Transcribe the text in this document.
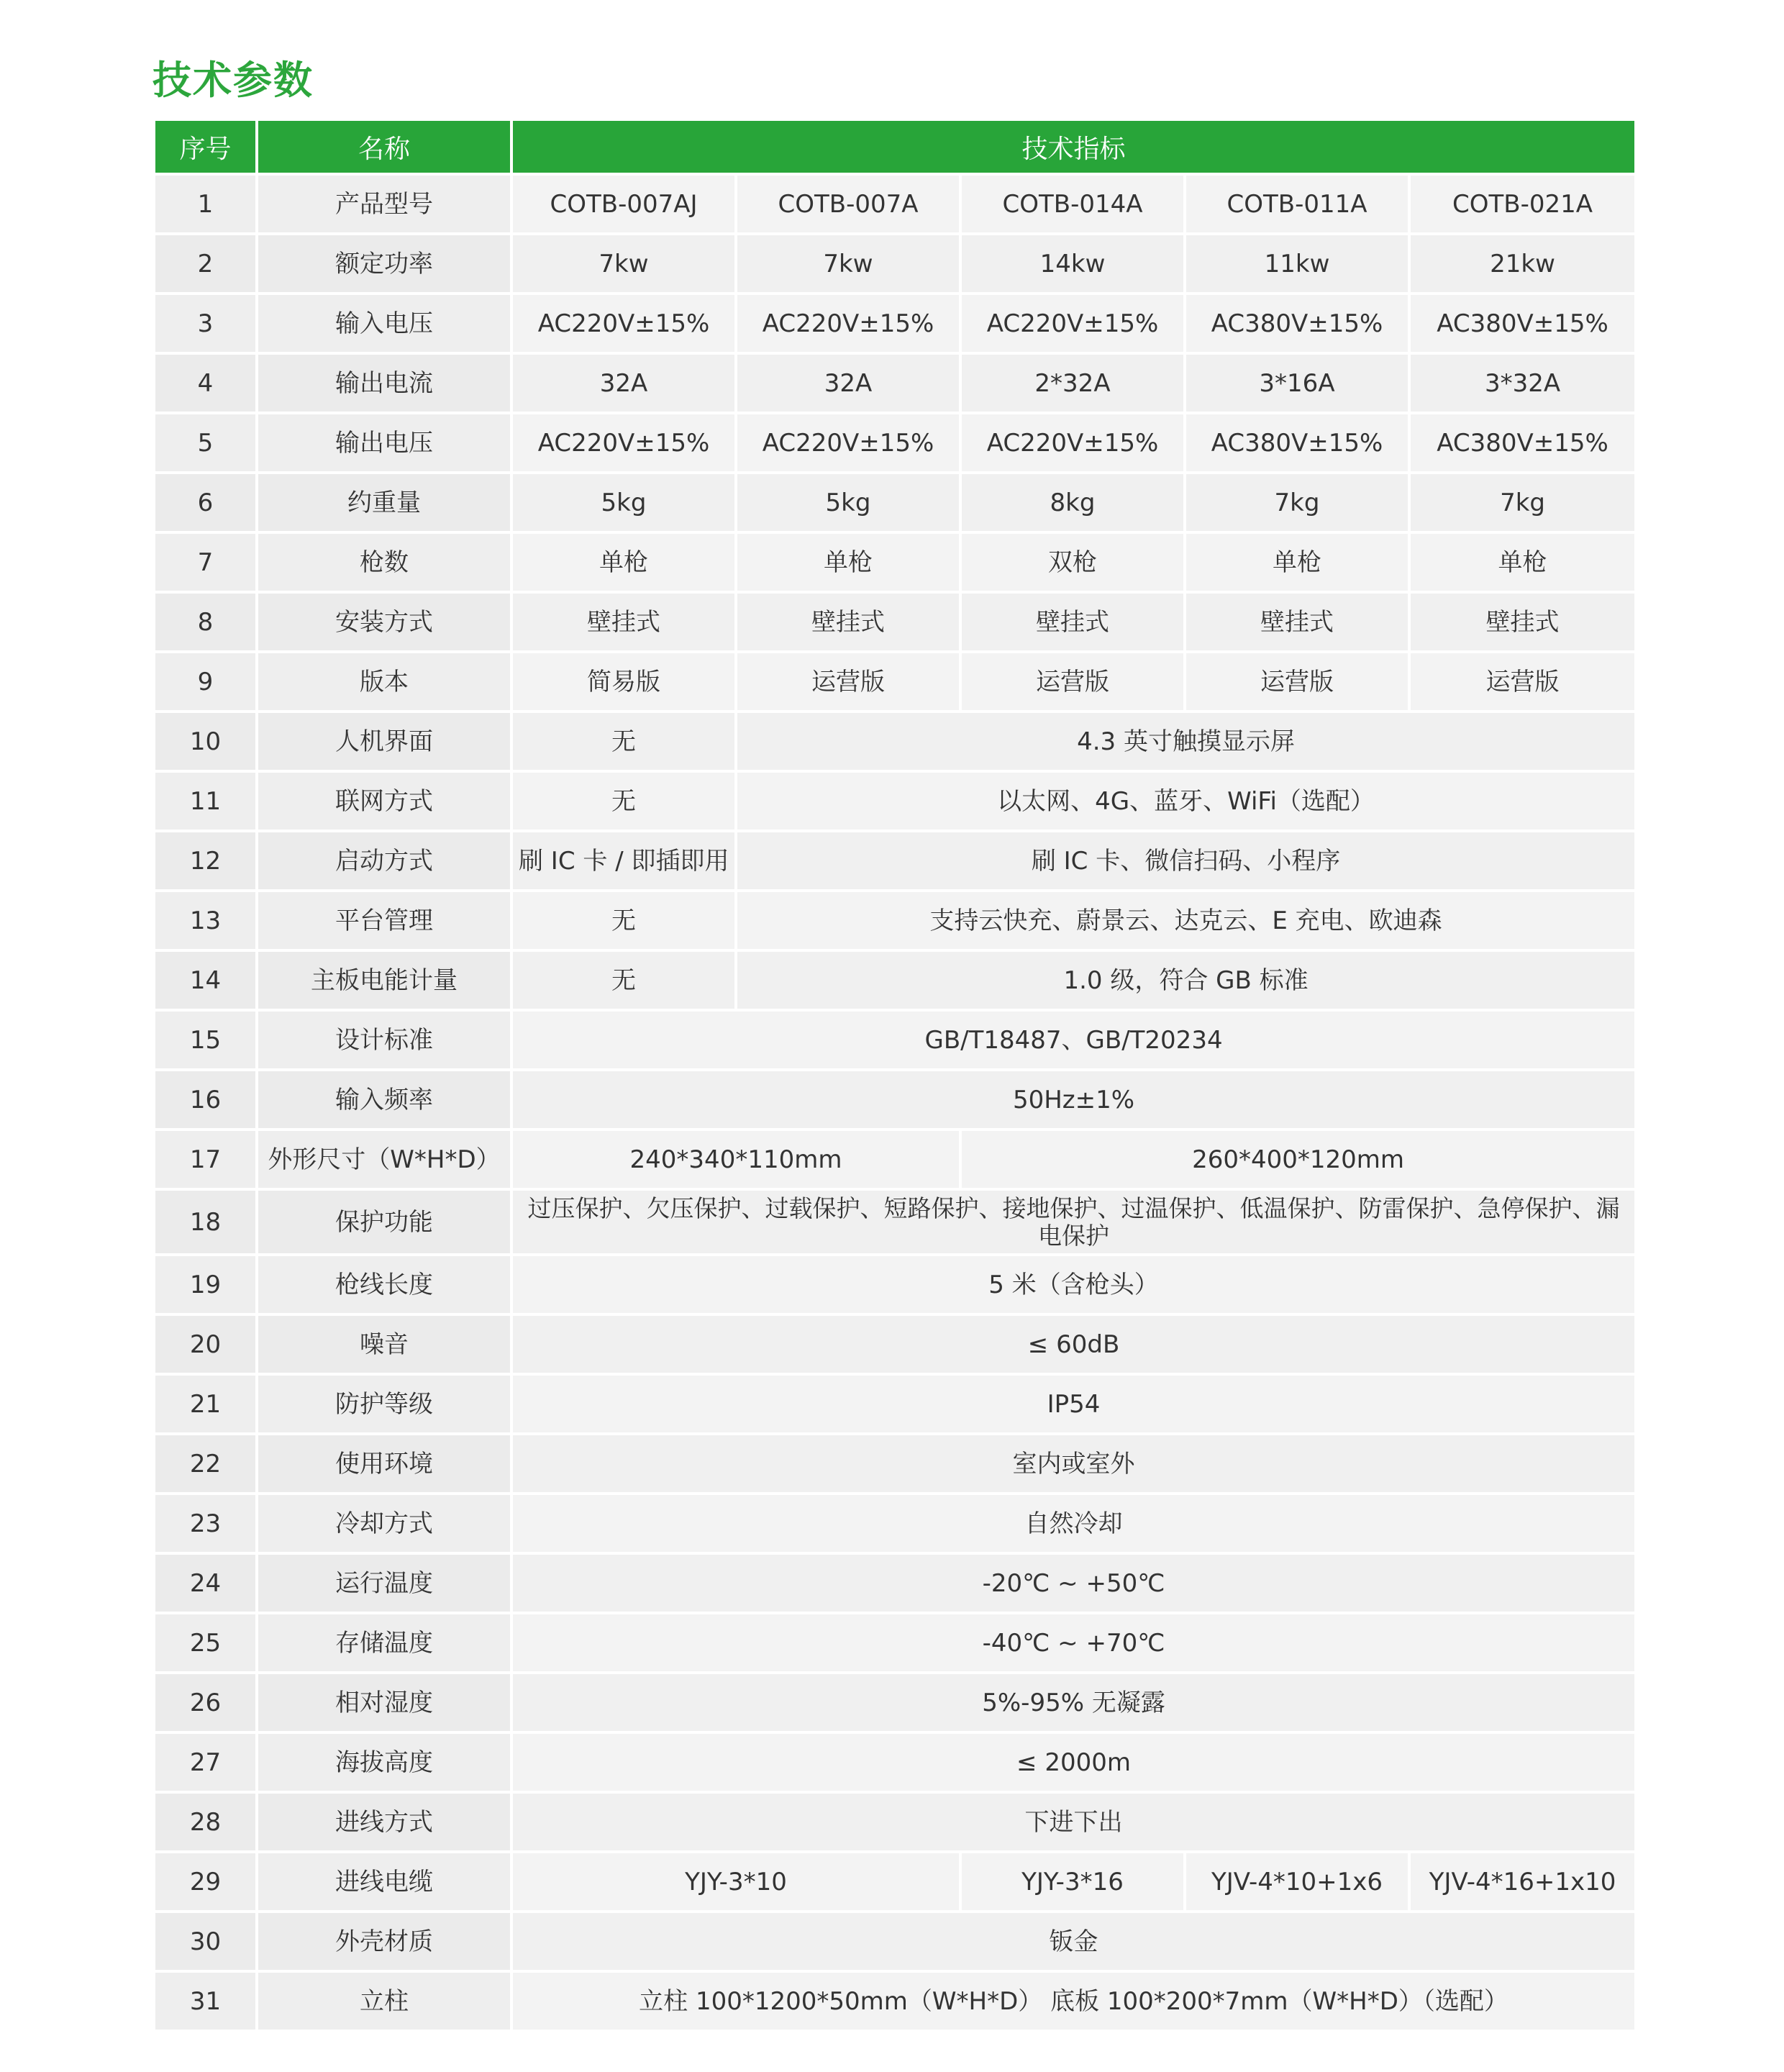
技术参数
序号	名称	技术指标				
1	产品型号	COTB-007AJ	COTB-007A	COTB-014A	COTB-011A	COTB-021A
2	额定功率	7kw	7kw	14kw	11kw	21kw
3	输入电压	AC220V±15%	AC220V±15%	AC220V±15%	AC380V±15%	AC380V±15%
4	输出电流	32A	32A	2*32A	3*16A	3*32A
5	输出电压	AC220V±15%	AC220V±15%	AC220V±15%	AC380V±15%	AC380V±15%
6	约重量	5kg	5kg	8kg	7kg	7kg
7	枪数	单枪	单枪	双枪	单枪	单枪
8	安装方式	壁挂式	壁挂式	壁挂式	壁挂式	壁挂式
9	版本	简易版	运营版	运营版	运营版	运营版
10	人机界面	无	4.3 英寸触摸显示屏			
11	联网方式	无	以太网、4G、蓝牙、WiFi（选配）			
12	启动方式	刷 IC 卡 / 即插即用	刷 IC 卡、微信扫码、小程序			
13	平台管理	无	支持云快充、蔚景云、达克云、E 充电、欧迪森			
14	主板电能计量	无	1.0 级，符合 GB 标准			
15	设计标准	GB/T18487、GB/T20234				
16	输入频率	50Hz±1%				
17	外形尺寸（W*H*D）	240*340*110mm		260*400*120mm		
18	保护功能	过压保护、欠压保护、过载保护、短路保护、接地保护、过温保护、低温保护、防雷保护、急停保护、漏电保护				
19	枪线长度	5 米（含枪头）				
20	噪音	≤ 60dB				
21	防护等级	IP54				
22	使用环境	室内或室外				
23	冷却方式	自然冷却				
24	运行温度	-20℃ ~ +50℃				
25	存储温度	-40℃ ~ +70℃				
26	相对湿度	5%-95% 无凝露				
27	海拔高度	≤ 2000m				
28	进线方式	下进下出				
29	进线电缆	YJY-3*10		YJY-3*16	YJV-4*10+1x6	YJV-4*16+1x10
30	外壳材质	钣金				
31	立柱	立柱 100*1200*50mm（W*H*D） 底板 100*200*7mm（W*H*D）（选配）				
